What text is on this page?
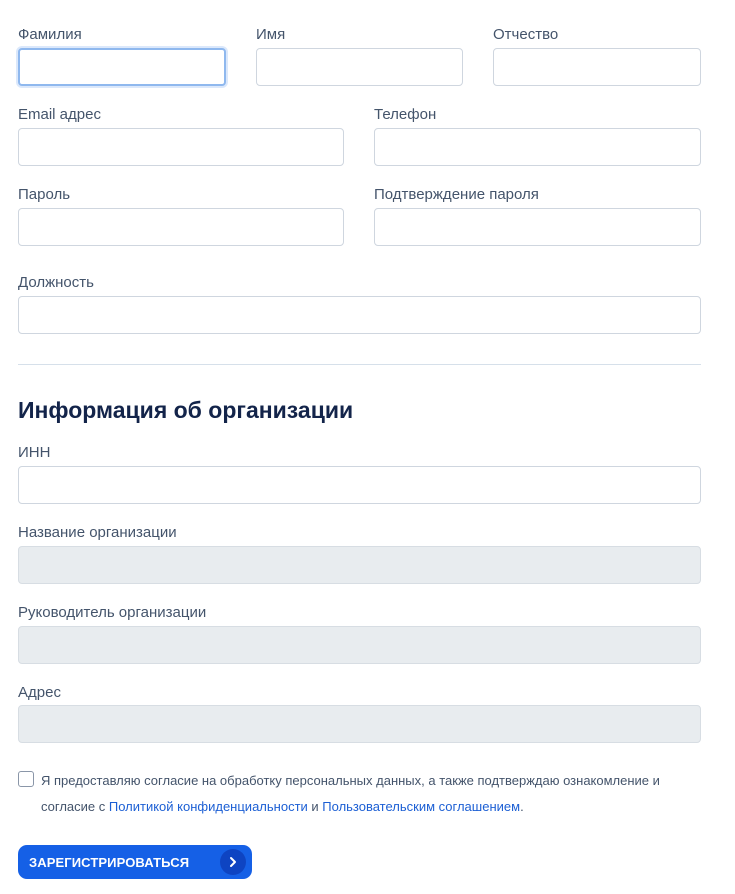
Фамилия	Имя	Отчество
Email адрес	Телефон
Пароль	Подтверждение пароля
Должность
Информация об организации
ИНН
Название организации
Руководитель организации
Адрес
Я предоставляю согласие на обработку персональных данных, а также подтверждаю ознакомление и согласие с Политикой конфиденциальности и Пользовательским соглашением.
ЗАРЕГИСТРИРОВАТЬСЯ
